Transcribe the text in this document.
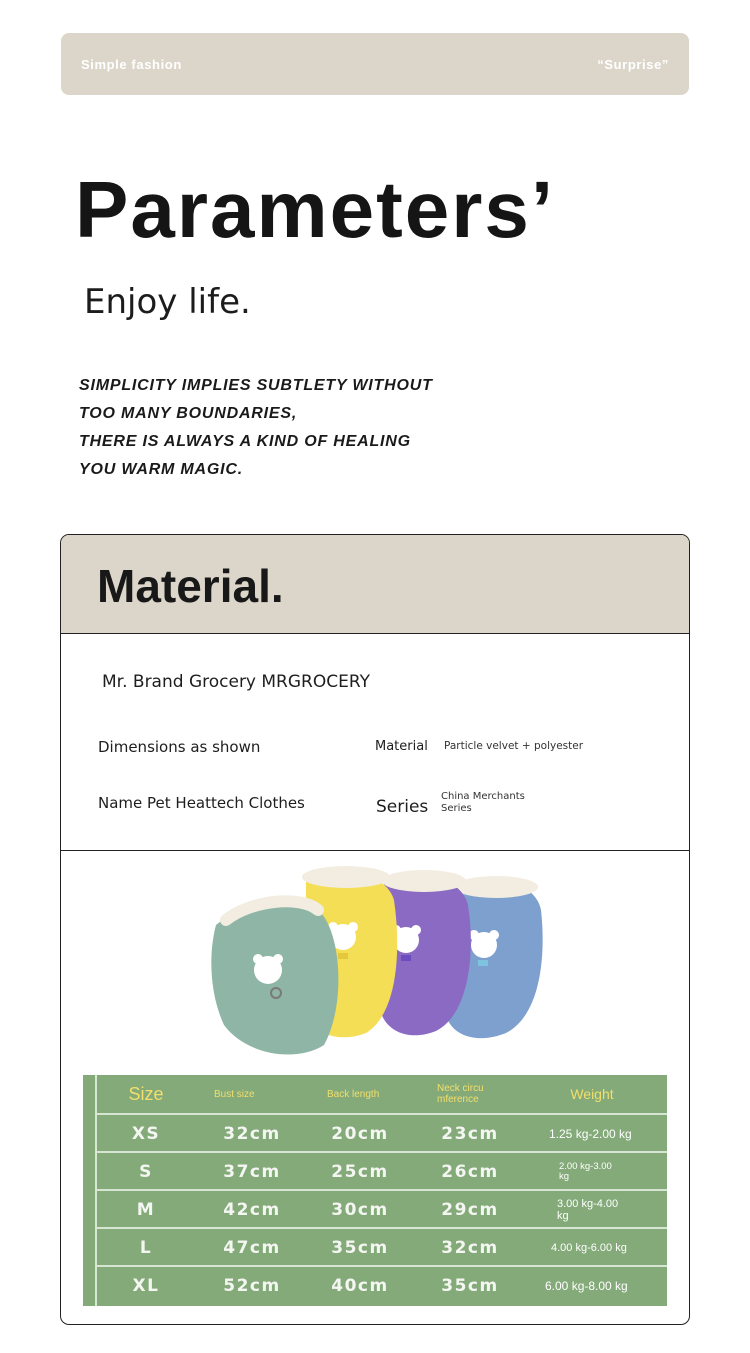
Simple fashion	“Surprise”
Parameters’
Enjoy life.
SIMPLICITY IMPLIES SUBTLETY WITHOUT
TOO MANY BOUNDARIES,
THERE IS ALWAYS A KIND OF HEALING
YOU WARM MAGIC.
Material.
Mr. Brand Grocery MRGROCERY
Dimensions as shown	Material Particle velvet + polyester
Name Pet Heattech Clothes	Series
China Merchants Series
Size	Bust size	Back length	Neck circu mference	Weight
XS	32cm	20cm	23cm	1.25 kg-2.00 kg
S	37cm	25cm	26cm	2.00 kg-3.00 kg
M	42cm	30cm	29cm	3.00 kg-4.00 kg
L	47cm	35cm	32cm	4.00 kg-6.00 kg
XL	52cm	40cm	35cm	6.00 kg-8.00 kg
